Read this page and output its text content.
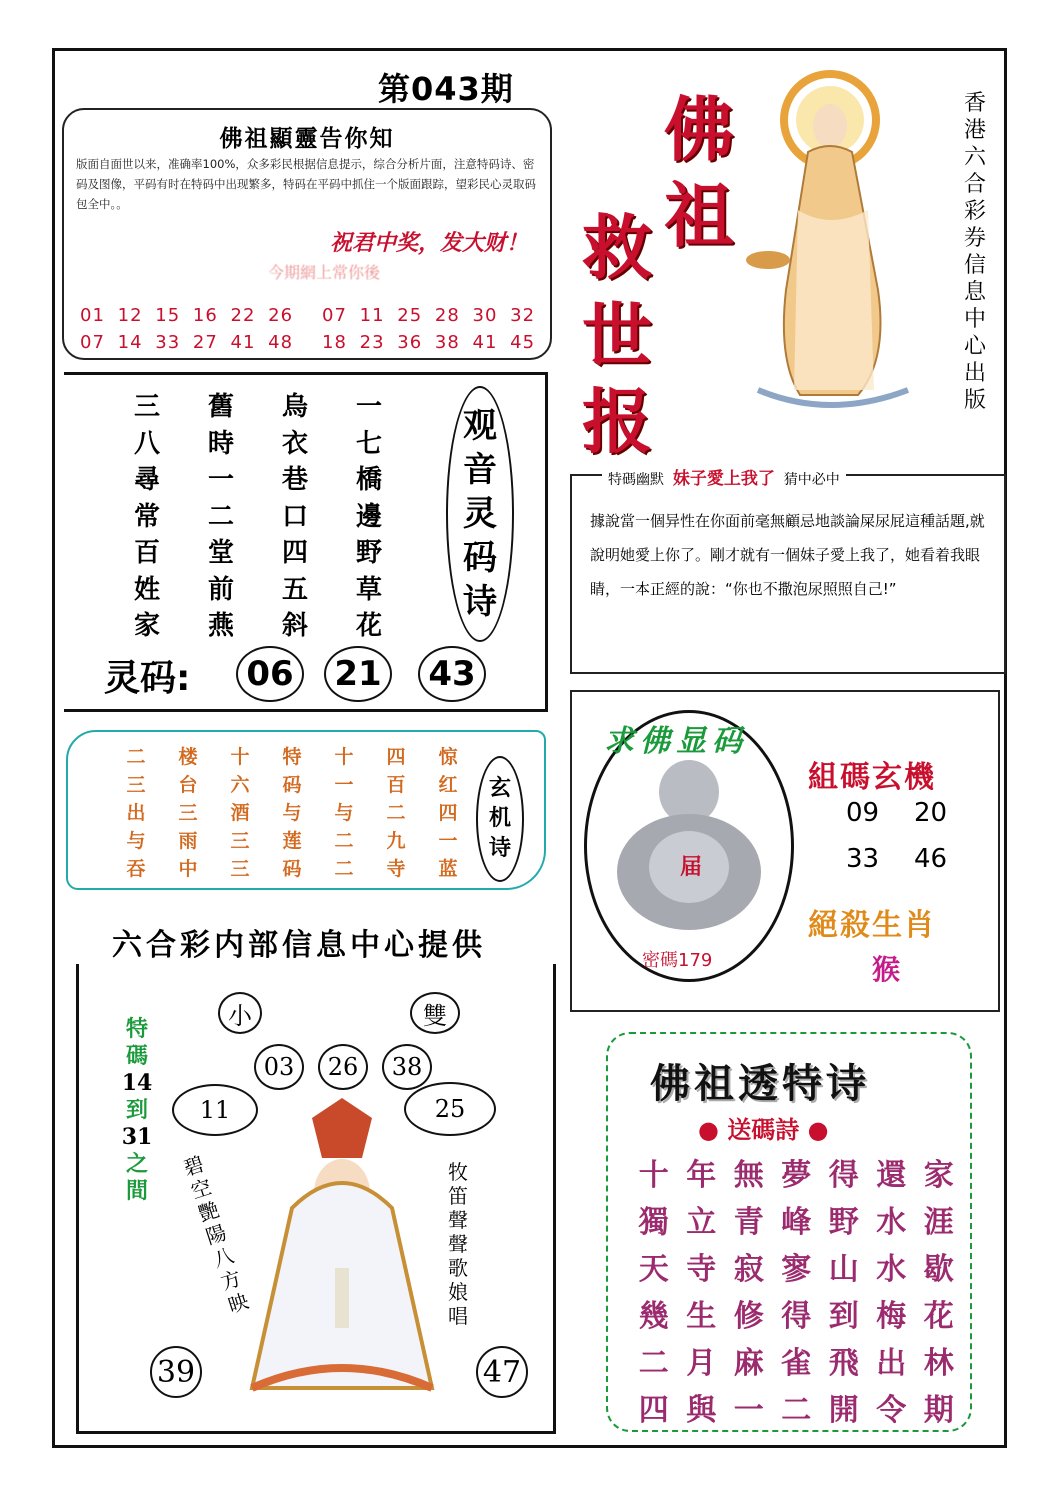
第043期
佛祖顯靈告你知
版面自面世以来，准确率100%，众多彩民根据信息提示，综合分析片面，注意特码诗、密码及图像，平码有时在特码中出现繁多，特码在平码中抓住一个版面跟踪，望彩民心灵取码包全中。。
祝君中奖，发大财！
今期網上常你後
01 12 15 16 22 26 07 11 25 28 30 32
07 14 33 27 41 48 18 23 36 38 41 45
佛
祖
救
世
报
香港六合彩券信息中心出版
三	舊	烏	一
八	時	衣	七
尋	一	巷	橋
常	二	口	邊
百	堂	四	野
姓	前	五	草
家	燕	斜	花
观
音
灵
码
诗
灵码:	06	21	43
特碼幽默 妹子愛上我了 猜中必中
據說當一個异性在你面前毫無顧忌地談論屎尿屁這種話題,就說明她愛上你了。剛才就有一個妹子愛上我了，她看着我眼睛，一本正經的說：“你也不撒泡尿照照自己!”
二	楼	十	特	十	四	惊
三	台	六	码	一	百	红
出	三	酒	与	与	二	四
与	雨	三	莲	二	九	一
吞	中	三	码	二	寺	蓝
玄
机
诗
六合彩内部信息中心提供
特
碼
14
到
31
之
間
小	雙
03	26	38
11	25
碧空艷陽八方映
牧笛聲聲歌娘唱
39	47
求佛显码
届
密碼179
組碼玄機
09 20
33 46
絕殺生肖
猴
佛祖透特诗
● 送碼詩 ●
十 年 無 夢 得 還 家
獨 立 青 峰 野 水 涯
天 寺 寂 寥 山 水 歇
幾 生 修 得 到 梅 花
二 月 麻 雀 飛 出 林
四 與 一 二 開 令 期
